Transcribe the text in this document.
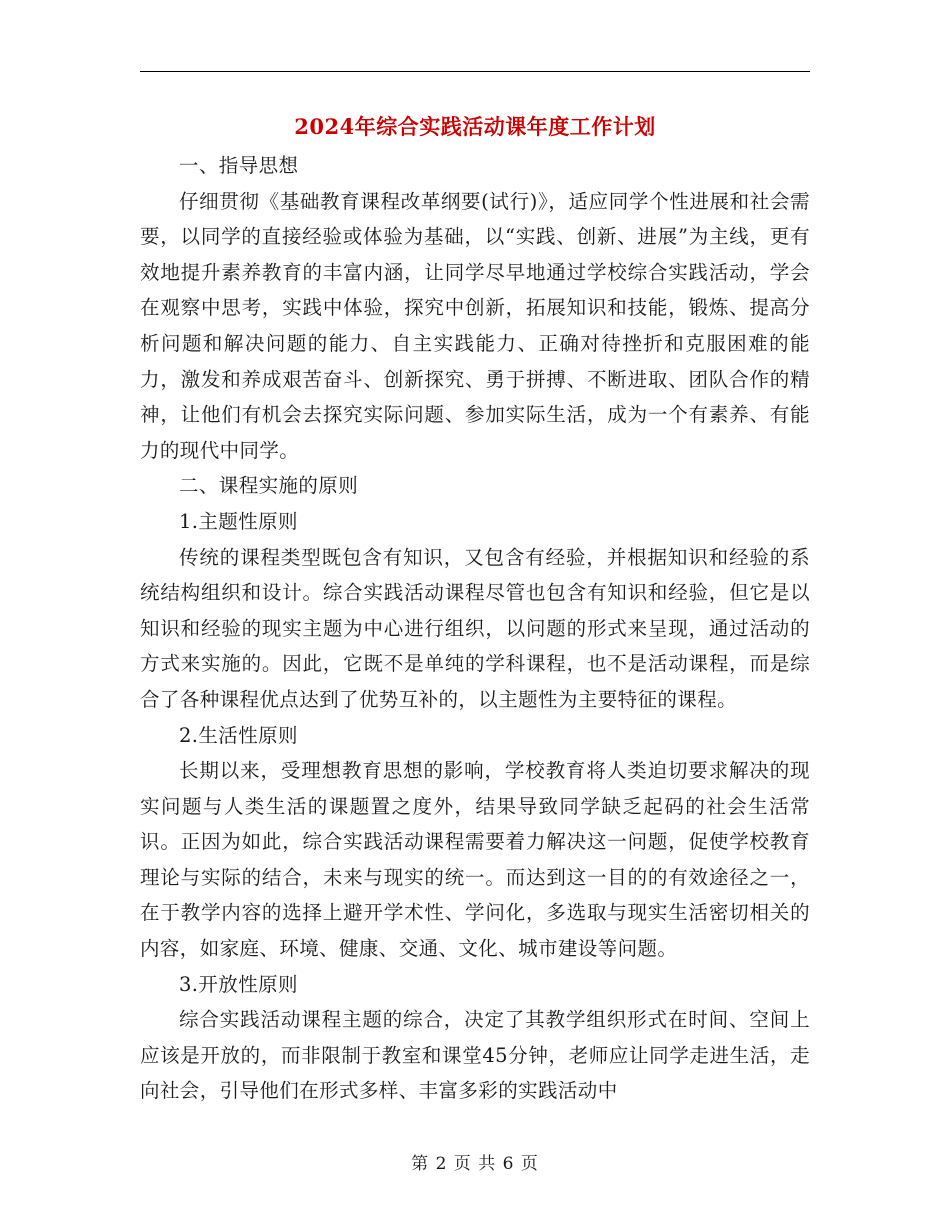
2024年综合实践活动课年度工作计划

一、指导思想

仔细贯彻《基础教育课程改革纲要(试行)》，适应同学个性进展和社会需要，以同学的直接经验或体验为基础，以“实践、创新、进展”为主线，更有效地提升素养教育的丰富内涵，让同学尽早地通过学校综合实践活动，学会在观察中思考，实践中体验，探究中创新，拓展知识和技能，锻炼、提高分析问题和解决问题的能力、自主实践能力、正确对待挫折和克服困难的能力，激发和养成艰苦奋斗、创新探究、勇于拼搏、不断进取、团队合作的精神，让他们有机会去探究实际问题、参加实际生活，成为一个有素养、有能力的现代中同学。

二、课程实施的原则

1.主题性原则

传统的课程类型既包含有知识，又包含有经验，并根据知识和经验的系统结构组织和设计。综合实践活动课程尽管也包含有知识和经验，但它是以知识和经验的现实主题为中心进行组织，以问题的形式来呈现，通过活动的方式来实施的。因此，它既不是单纯的学科课程，也不是活动课程，而是综合了各种课程优点达到了优势互补的，以主题性为主要特征的课程。

2.生活性原则

长期以来，受理想教育思想的影响，学校教育将人类迫切要求解决的现实问题与人类生活的课题置之度外，结果导致同学缺乏起码的社会生活常识。正因为如此，综合实践活动课程需要着力解决这一问题，促使学校教育理论与实际的结合，未来与现实的统一。而达到这一目的的有效途径之一，在于教学内容的选择上避开学术性、学问化，多选取与现实生活密切相关的内容，如家庭、环境、健康、交通、文化、城市建设等问题。

3.开放性原则

综合实践活动课程主题的综合，决定了其教学组织形式在时间、空间上应该是开放的，而非限制于教室和课堂45分钟，老师应让同学走进生活，走向社会，引导他们在形式多样、丰富多彩的实践活动中

第 2 页 共 6 页
